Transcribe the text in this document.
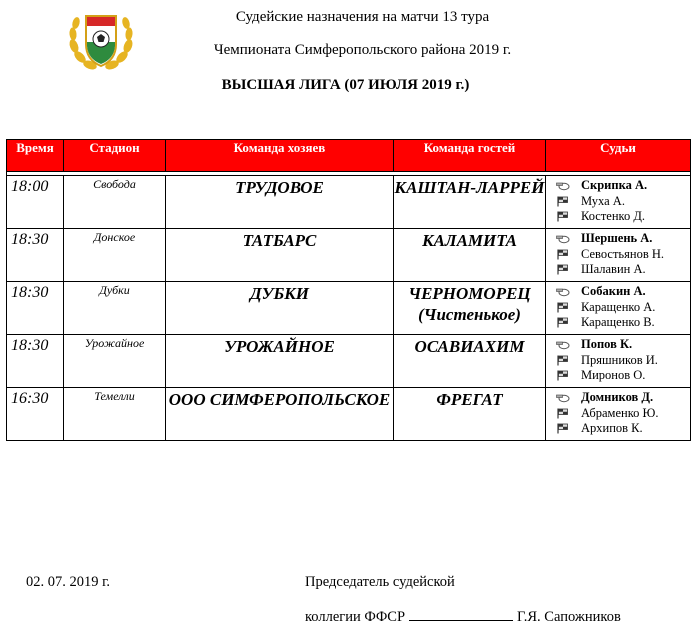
Судейские назначения на матчи 13 тура
Чемпионата Симферопольского района 2019 г.
ВЫСШАЯ ЛИГА (07 ИЮЛЯ 2019 г.)
Время	Стадион	Команда хозяев	Команда гостей	Судьи

18:00	Свобода	ТРУДОВОЕ	КАШТАН-ЛАРРЕЙ	Скрипка А.
Муха А.
Костенко Д.

18:30	Донское	ТАТБАРС	КАЛАМИТА	Шершень А.
Севостьянов Н.
Шалавин А.

18:30	Дубки	ДУБКИ	ЧЕРНОМОРЕЦ (Чистенькое)	Собакин А.
Каращенко А.
Каращенко В.

18:30	Урожайное	УРОЖАЙНОЕ	ОСАВИАХИМ	Попов К.
Пряшников И.
Миронов О.

16:30	Темелли	ООО СИМФЕРОПОЛЬСКОЕ	ФРЕГАТ	Домников Д.
Абраменко Ю.
Архипов К.
02. 07. 2019 г.	Председатель судейской
коллегии ФФСР	Г.Я. Сапожников
